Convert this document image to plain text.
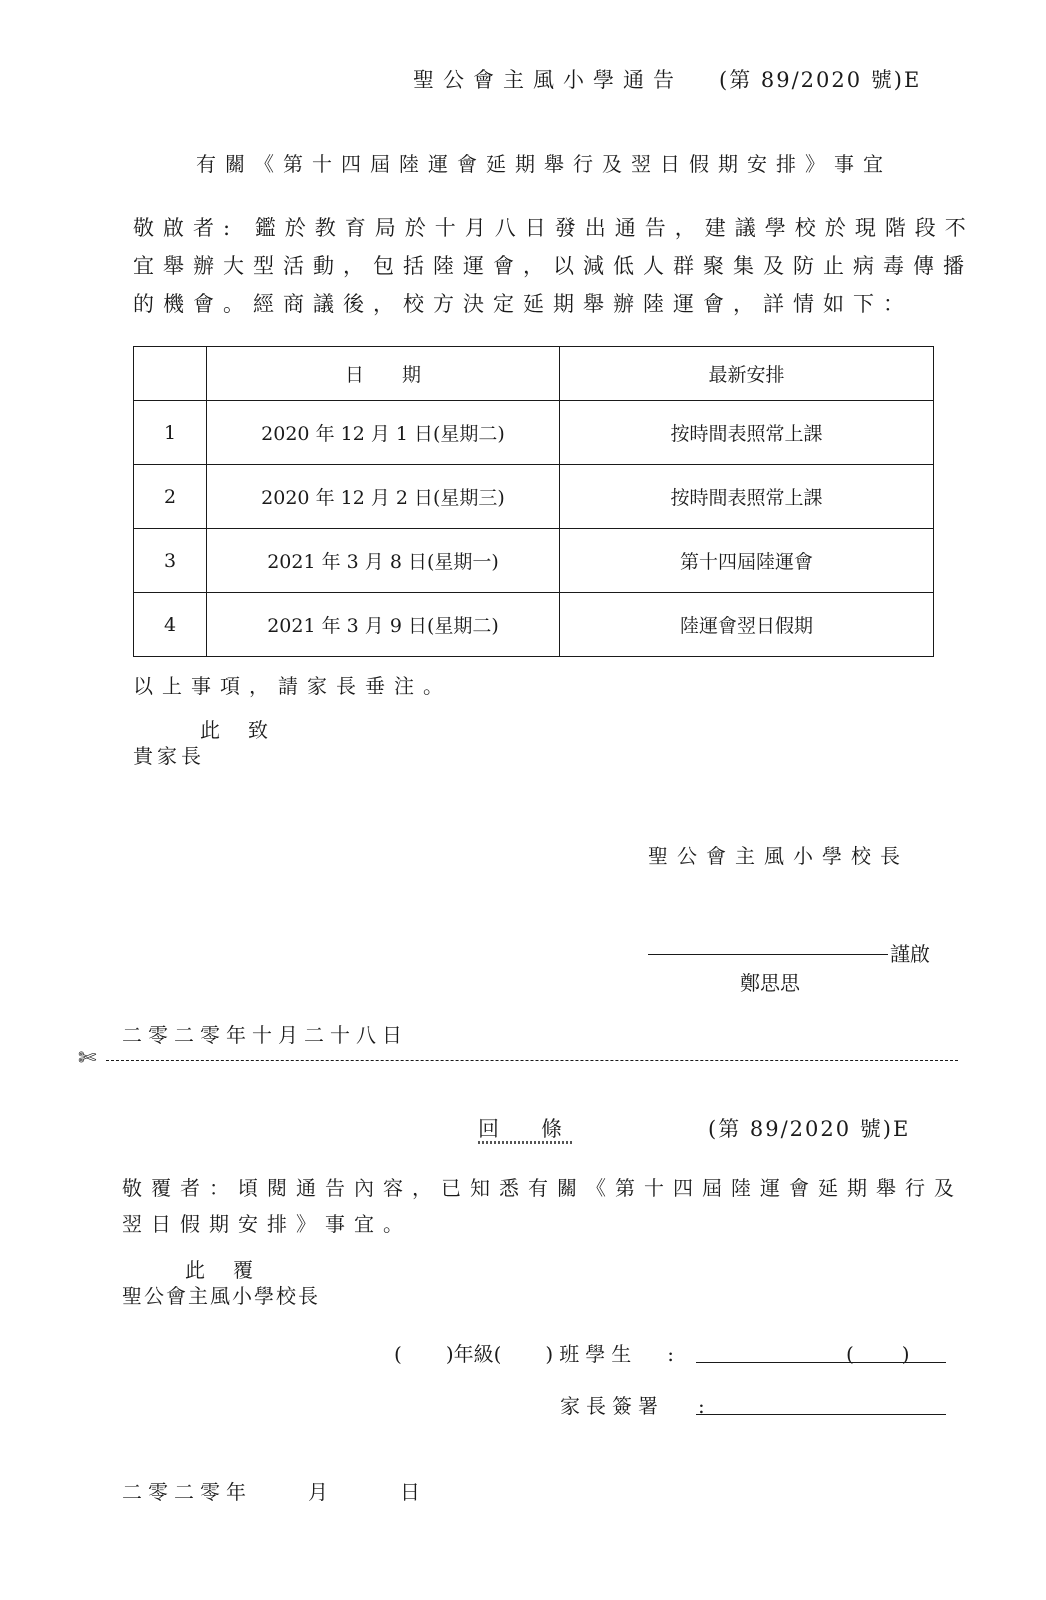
聖公會主風小學通告 (第 89/2020 號)E
有關《第十四屆陸運會延期舉行及翌日假期安排》事宜
敬啟者: 鑑於教育局於十月八日發出通告，建議學校於現階段不
宜舉辦大型活動，包括陸運會，以減低人群聚集及防止病毒傳播
的機會。經商議後，校方決定延期舉辦陸運會，詳情如下：
	日　　期	最新安排
1	2020 年 12 月 1 日(星期二)	按時間表照常上課
2	2020 年 12 月 2 日(星期三)	按時間表照常上課
3	2021 年 3 月 8 日(星期一)	第十四屆陸運會
4	2021 年 3 月 9 日(星期二)	陸運會翌日假期
以上事項，請家長垂注。
此致
貴家長
聖公會主風小學校長
謹啟
鄭思思
二零二零年十月二十八日
✄
回 條	(第 89/2020 號)E
敬覆者：頃閱通告內容，已知悉有關《第十四屆陸運會延期舉行及
翌日假期安排》事宜。
此覆
聖公會主風小學校長
( )年級( )班學生 :	( )
家長簽署 :
二零二零年	月	日
